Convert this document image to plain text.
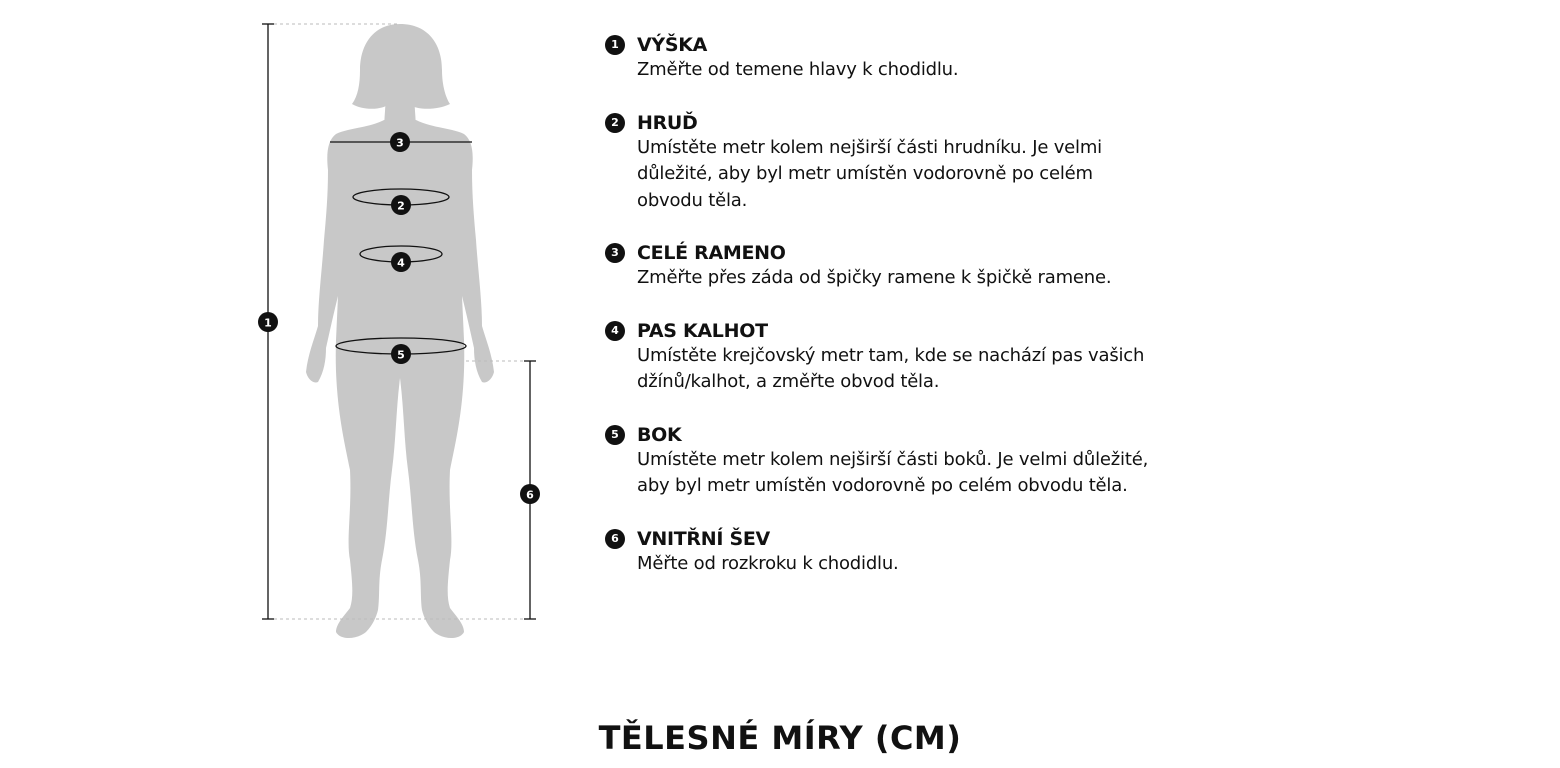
1
2
3
4
5
6
1 VÝŠKA
Změřte od temene hlavy k chodidlu.
2 HRUĎ
Umístěte metr kolem nejširší části hrudníku. Je velmi důležité, aby byl metr umístěn vodorovně po celém obvodu těla.
3 CELÉ RAMENO
Změřte přes záda od špičky ramene k špičkě ramene.
4 PAS KALHOT
Umístěte krejčovský metr tam, kde se nachází pas vašich džínů/kalhot, a změřte obvod těla.
5 BOK
Umístěte metr kolem nejširší části boků. Je velmi důležité, aby byl metr umístěn vodorovně po celém obvodu těla.
6 VNITŘNÍ ŠEV
Měřte od rozkroku k chodidlu.
TĚLESNÉ MÍRY (CM)
